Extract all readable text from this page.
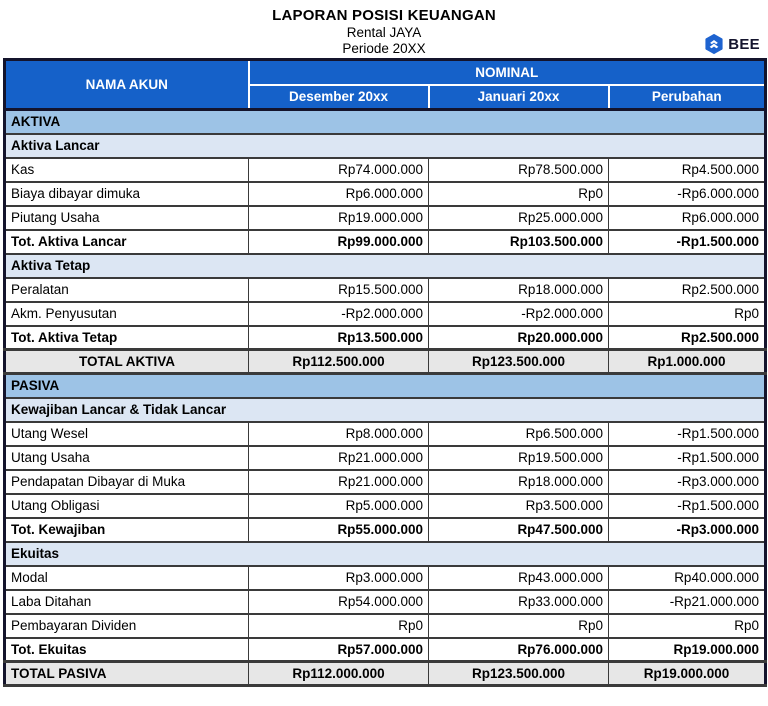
LAPORAN POSISI KEUANGAN
Rental JAYA
Periode 20XX	BEE
NAMA AKUN	NOMINAL		
	Desember 20xx	Januari 20xx	Perubahan
AKTIVA			
Aktiva Lancar			
Kas	Rp74.000.000	Rp78.500.000	Rp4.500.000
Biaya dibayar dimuka	Rp6.000.000	Rp0	-Rp6.000.000
Piutang Usaha	Rp19.000.000	Rp25.000.000	Rp6.000.000
Tot. Aktiva Lancar	Rp99.000.000	Rp103.500.000	-Rp1.500.000
Aktiva Tetap			
Peralatan	Rp15.500.000	Rp18.000.000	Rp2.500.000
Akm. Penyusutan	-Rp2.000.000	-Rp2.000.000	Rp0
Tot. Aktiva Tetap	Rp13.500.000	Rp20.000.000	Rp2.500.000
TOTAL AKTIVA	Rp112.500.000	Rp123.500.000	Rp1.000.000
PASIVA			
Kewajiban Lancar & Tidak Lancar			
Utang Wesel	Rp8.000.000	Rp6.500.000	-Rp1.500.000
Utang Usaha	Rp21.000.000	Rp19.500.000	-Rp1.500.000
Pendapatan Dibayar di Muka	Rp21.000.000	Rp18.000.000	-Rp3.000.000
Utang Obligasi	Rp5.000.000	Rp3.500.000	-Rp1.500.000
Tot. Kewajiban	Rp55.000.000	Rp47.500.000	-Rp3.000.000
Ekuitas			
Modal	Rp3.000.000	Rp43.000.000	Rp40.000.000
Laba Ditahan	Rp54.000.000	Rp33.000.000	-Rp21.000.000
Pembayaran Dividen	Rp0	Rp0	Rp0
Tot. Ekuitas	Rp57.000.000	Rp76.000.000	Rp19.000.000
TOTAL PASIVA	Rp112.000.000	Rp123.500.000	Rp19.000.000
